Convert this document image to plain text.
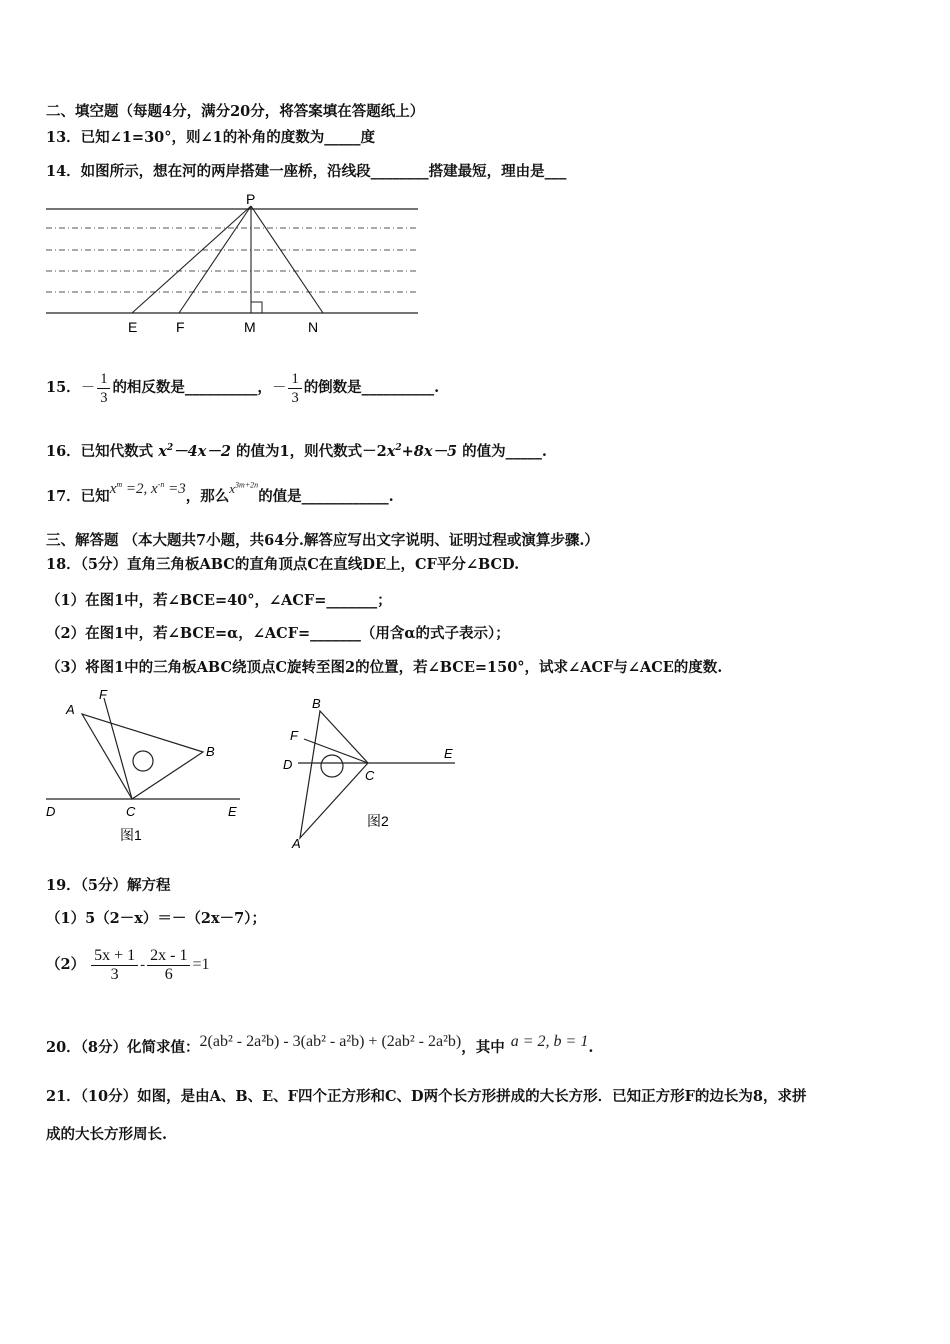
二、填空题（每题4分，满分20分，将答案填在答题纸上）
13．已知∠1=30°，则∠1的补角的度数为_____度
14．如图所示，想在河的两岸搭建一座桥，沿线段________搭建最短，理由是___
P
E	F	M	N
15．－ $\frac{1}{3}$ 的相反数是__________，－ $\frac{1}{3}$ 的倒数是__________.
16．已知代数式 $x^2-4x-2$ 的值为1，则代数式$-2x^2+8x-5$ 的值为_____.
17．已知$x^m =2$, $x^{-n} =3$，那么$x^{3m+2n}$的值是____________.
三、解答题 （本大题共7小题，共64分.解答应写出文字说明、证明过程或演算步骤.）
18．（5分）直角三角板ABC的直角顶点C在直线DE上，CF平分∠BCD.
（1）在图1中，若∠BCE=40°，∠ACF=_______；
（2）在图1中，若∠BCE=α，∠ACF=_______（用含α的式子表示）；
（3）将图1中的三角板ABC绕顶点C旋转至图2的位置，若∠BCE=150°，试求∠ACF与∠ACE的度数.
A
F
B
C
D	E
图1
B
F
D
C
E
A
图2
19．（5分）解方程
（1）5（2－x）＝－（2x－7）；
$(2) \frac{5x + 1}{3} - \frac{2x - 1}{6} =1$
20．（8分）化简求值：2(ab² - 2a²b) - 3(ab² - a²b) + (2ab² - 2a²b)，其中 a = 2, b = 1.
21．（10分）如图，是由A、B、E、F四个正方形和C、D两个长方形拼成的大长方形．已知正方形F的边长为8，求拼
成的大长方形周长.
